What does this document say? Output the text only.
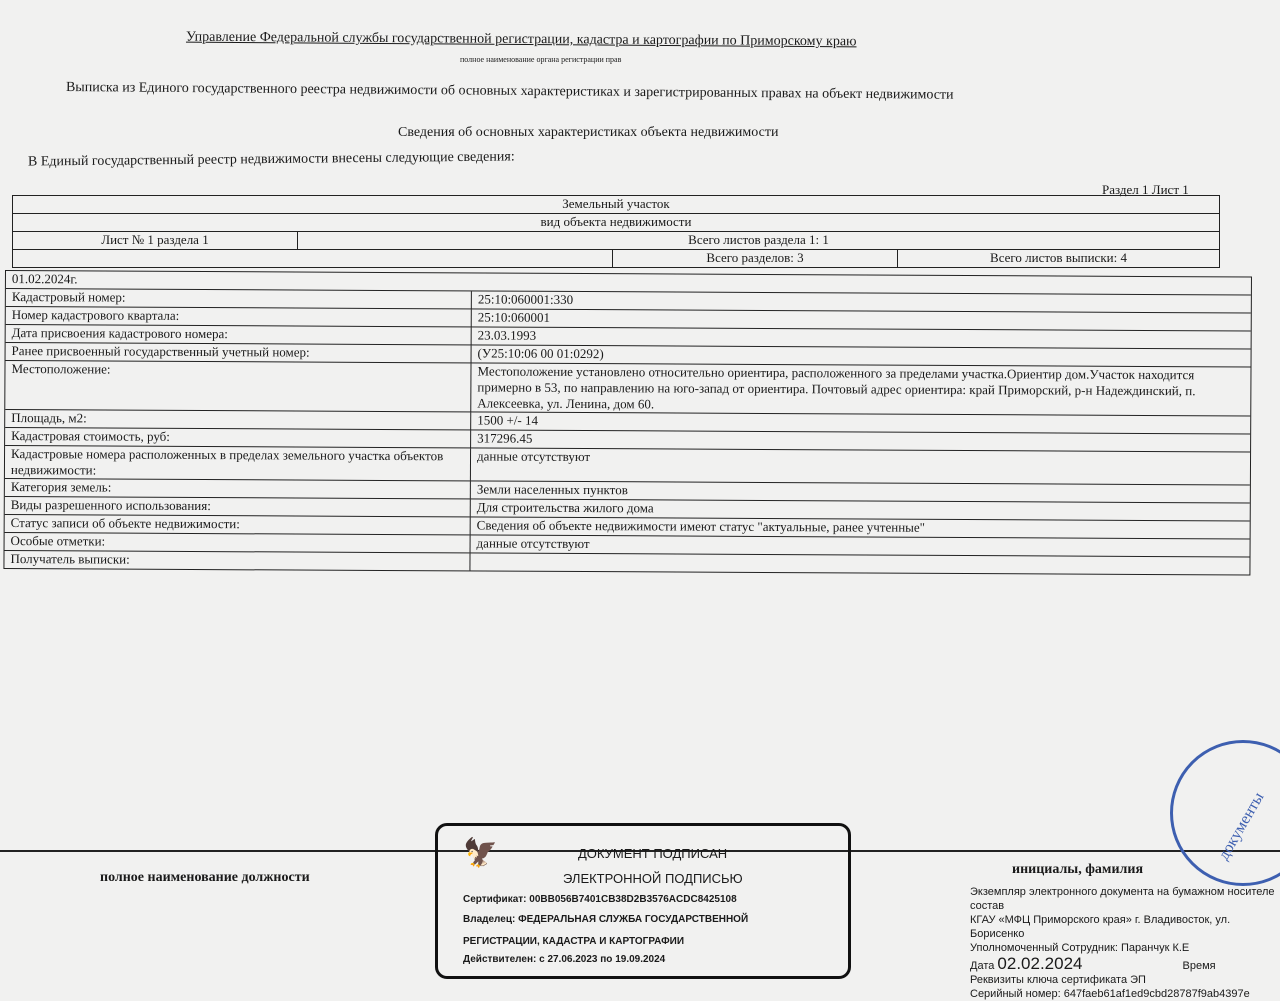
Управление Федеральной службы государственной регистрации, кадастра и картографии по Приморскому краю
полное наименование органа регистрации прав
Выписка из Единого государственного реестра недвижимости об основных характеристиках и зарегистрированных правах на объект недвижимости
Сведения об основных характеристиках объекта недвижимости
В Единый государственный реестр недвижимости внесены следующие сведения:
Раздел 1 Лист 1
Земельный участок
вид объекта недвижимости
Лист № 1 раздела 1	Всего листов раздела 1: 1
Всего разделов: 3	Всего листов выписки: 4
01.02.2024г.
Кадастровый номер:	25:10:060001:330
Номер кадастрового квартала:	25:10:060001
Дата присвоения кадастрового номера:	23.03.1993
Ранее присвоенный государственный учетный номер:	(У25:10:06 00 01:0292)
Местоположение:	Местоположение установлено относительно ориентира, расположенного за пределами участка.Ориентир дом.Участок находится примерно в 53, по направлению на юго-запад от ориентира. Почтовый адрес ориентира: край Приморский, р-н Надеждинский, п. Алексеевка, ул. Ленина, дом 60.
Площадь, м2:	1500 +/- 14
Кадастровая стоимость, руб:	317296.45
Кадастровые номера расположенных в пределах земельного участка объектов недвижимости:
данные отсутствуют
Категория земель:	Земли населенных пунктов
Виды разрешенного использования:	Для строительства жилого дома
Статус записи об объекте недвижимости:	Сведения об объекте недвижимости имеют статус "актуальные, ранее учтенные"
Особые отметки:	данные отсутствуют
Получатель выписки:
полное наименование должности
инициалы, фамилия
🦅	ДОКУМЕНТ ПОДПИСАН
ЭЛЕКТРОННОЙ ПОДПИСЬЮ
Сертификат: 00BB056B7401CB38D2B3576ACDC8425108
Владелец: ФЕДЕРАЛЬНАЯ СЛУЖБА ГОСУДАРСТВЕННОЙ
РЕГИСТРАЦИИ, КАДАСТРА И КАРТОГРАФИИ
Действителен: с 27.06.2023 по 19.09.2024
документы
Экземпляр электронного документа на бумажном носителе состав
КГАУ «МФЦ Приморского края» г. Владивосток, ул. Борисенко
Уполномоченный Сотрудник: Паранчук К.Е
Дата 02.02.2024	Время
Реквизиты ключа сертификата ЭП
Серийный номер: 647faeb61af1ed9cbd28787f9ab4397e
